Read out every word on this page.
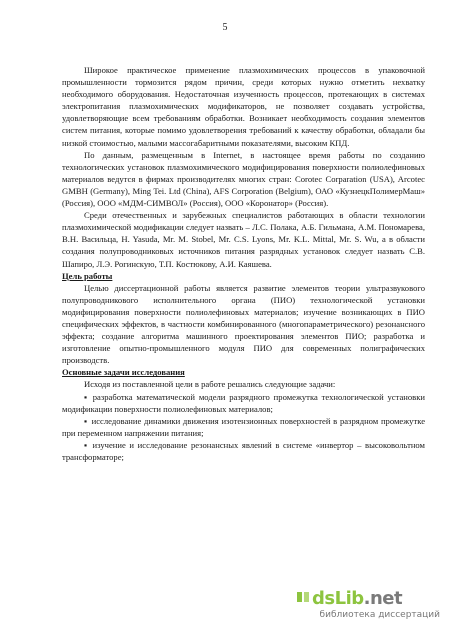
5

Широкое практическое применение плазмохимических процессов в упаковочной промышленности тормозится рядом причин, среди которых нужно отметить нехватку необходимого оборудования. Недостаточная изученность процессов, протекающих в системах электропитания плазмохимических модификаторов, не позволяет создавать устройства, удовлетворяющие всем требованиям обработки. Возникает необходимость создания элементов систем питания, которые помимо удовлетворения требований к качеству обработки, обладали бы низкой стоимостью, малыми массогабаритными показателями, высоким КПД.

По данным, размещенным в Internet, в настоящее время работы по созданию технологических установок плазмохимического модифицирования поверхности полиолефиновых материалов ведутся в фирмах производителях многих стран: Corotec Corparation (USA), Arcotec GMBH (Germany), Ming Tei. Ltd (China), AFS Corporation (Belgium), ОАО «КузнецкПолимерМаш» (Россия), ООО «МДМ-СИМВОЛ» (Россия), ООО «Коронатор» (Россия).

Среди отечественных и зарубежных специалистов работающих в области технологии плазмохимической модификации следует назвать – Л.С. Полака, А.Б. Гильмана, А.М. Пономарева, В.Н. Васильца, H. Yasuda, Mr. M. Stobel, Mr. C.S. Lyons, Mr. K.L. Mittal, Mr. S. Wu, а в области создания полупроводниковых источников питания разрядных установок следует назвать С.В. Шапиро, Л.Э. Рогинскую, Т.П. Костюкову, А.И. Каяшева.

Цель работы

Целью диссертационной работы является развитие элементов теории ультразвукового полупроводникового исполнительного органа (ПИО) технологической установки модифицирования поверхности полиолефиновых материалов; изучение возникающих в ПИО специфических эффектов, в частности комбинированного (многопараметрического) резонансного эффекта; создание алгоритма машинного проектирования элементов ПИО; разработка и изготовление опытно-промышленного модуля ПИО для современных полиграфических производств.

Основные задачи исследования

Исходя из поставленной цели в работе решались следующие задачи:

▪ разработка математической модели разрядного промежутка технологической установки модификации поверхности полиолефиновых материалов;

▪ исследование динамики движения изотензионных поверхностей в разрядном промежутке при переменном напряжении питания;

▪ изучение и исследование резонансных явлений в системе «инвертор – высоковольтном трансформаторе;

dsLib.net
библиотека диссертаций
